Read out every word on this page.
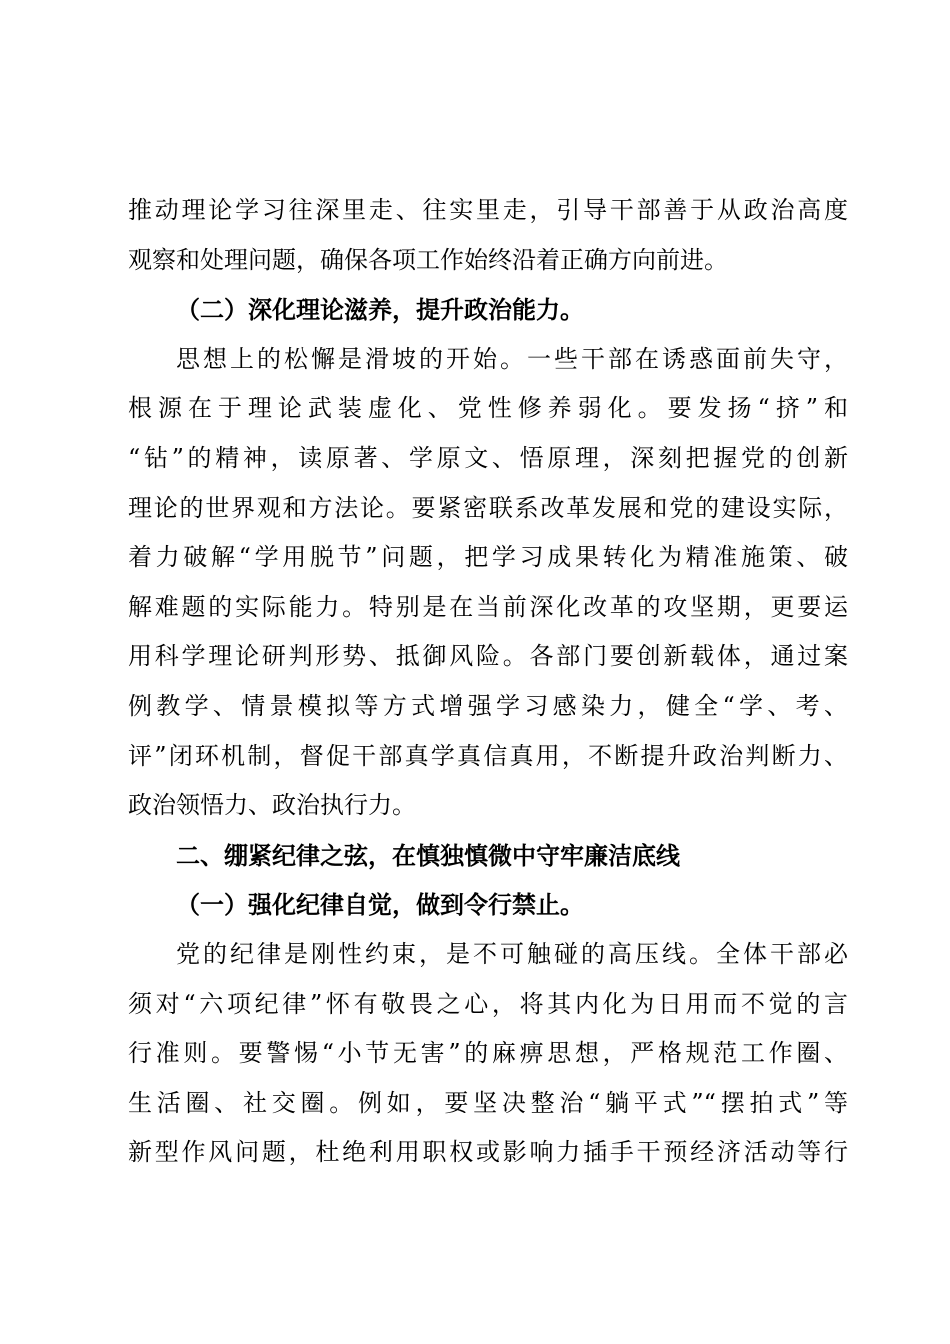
推动理论学习往深里走、往实里走，引导干部善于从政治高度
观察和处理问题，确保各项工作始终沿着正确方向前进。
（二）深化理论滋养，提升政治能力。
思想上的松懈是滑坡的开始。一些干部在诱惑面前失守，
根源在于理论武装虚化、党性修养弱化。要发扬“挤”和
“钻”的精神，读原著、学原文、悟原理，深刻把握党的创新
理论的世界观和方法论。要紧密联系改革发展和党的建设实际，
着力破解“学用脱节”问题，把学习成果转化为精准施策、破
解难题的实际能力。特别是在当前深化改革的攻坚期，更要运
用科学理论研判形势、抵御风险。各部门要创新载体，通过案
例教学、情景模拟等方式增强学习感染力，健全“学、考、
评”闭环机制，督促干部真学真信真用，不断提升政治判断力、
政治领悟力、政治执行力。
二、绷紧纪律之弦，在慎独慎微中守牢廉洁底线
（一）强化纪律自觉，做到令行禁止。
党的纪律是刚性约束，是不可触碰的高压线。全体干部必
须对“六项纪律”怀有敬畏之心，将其内化为日用而不觉的言
行准则。要警惕“小节无害”的麻痹思想，严格规范工作圈、
生活圈、社交圈。例如，要坚决整治“躺平式”“摆拍式”等
新型作风问题，杜绝利用职权或影响力插手干预经济活动等行
